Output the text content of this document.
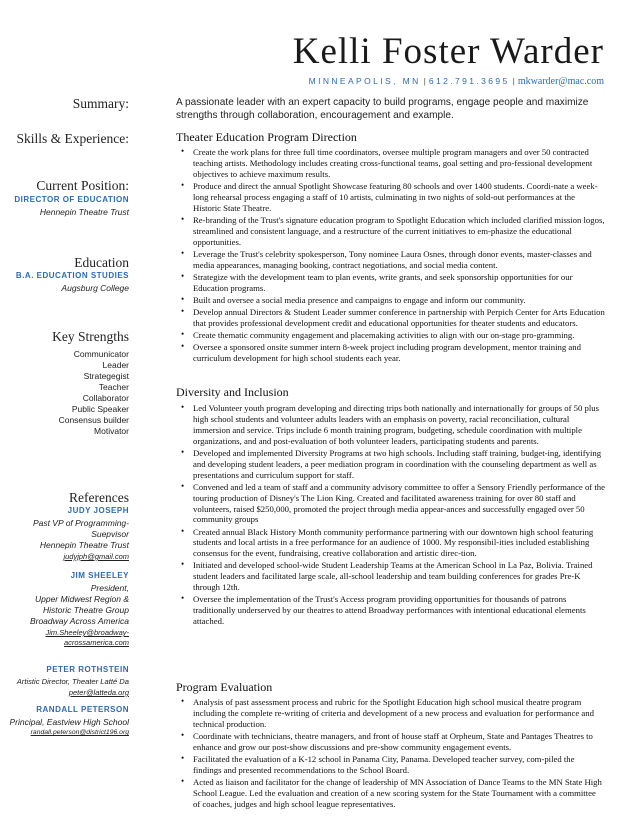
Kelli Foster Warder
MINNEAPOLIS, MN | 612.791.3695 | mkwarder@mac.com
Summary:
Skills & Experience:
Current Position:
DIRECTOR OF EDUCATION
Hennepin Theatre Trust
Education
B.A. EDUCATION STUDIES
Augsburg College
Key Strengths
Communicator
Leader
Strategegist
Teacher
Collaborator
Public Speaker
Consensus builder
Motivator
References
JUDY JOSEPH
Past VP of Programming-
Suepvisor
Hennepin Theatre Trust
judyjph@gmail.com
JIM SHEELEY
President,
Upper Midwest Region &
Historic Theatre Group
Broadway Across America
Jim.Sheeley@broadway-
acrossamerica.com
PETER ROTHSTEIN
Artistic Director, Theater Latté Da
peter@latteda.org
RANDALL PETERSON
Principal, Eastview High School
randall.peterson@district196.org
A passionate leader with an expert capacity to build programs, engage people and maximize strengths through collaboration, encouragement and example.
Theater Education Program Direction
• Create the work plans for three full time coordinators, oversee multiple program managers and over 50 contracted teaching artists. Methodology includes creating cross-functional teams, goal setting and pro-fessional development objectives to achieve maximum results.
• Produce and direct the annual Spotlight Showcase featuring 80 schools and over 1400 students. Coordi-nate a week-long rehearsal process engaging a staff of 10 artists, culminating in two nights of sold-out performances at the Historic State Theatre.
• Re-branding of the Trust's signature education program to Spotlight Education which included clarified mission logos, streamlined and consistent language, and a restructure of the current initiatives to em-phasize the educational opportunities.
• Leverage the Trust's celebrity spokesperson, Tony nominee Laura Osnes, through donor events, master-classes and media appearances, managing booking, contract negotiations, and social media content.
• Strategize with the development team to plan events, write grants, and seek sponsorship opportunities for our Education programs.
• Built and oversee a social media presence and campaigns to engage and inform our community.
• Develop annual Directors & Student Leader summer conference in partnership with Perpich Center for Arts Education that provides professional development credit and educational opportunities for theater students and educators.
• Create thematic community engagement and placemaking activities to align with our on-stage pro-gramming.
• Oversee a sponsored onsite summer intern 8-week project including program development, mentor training and curriculum development for high school students each year.
Diversity and Inclusion
• Led Volunteer youth program developing and directing trips both nationally and internationally for groups of 50 plus high school students and volunteer adults leaders with an emphasis on poverty, racial reconciliation, cultural immersion and service. Trips include 6 month training program, budgeting, schedule coordination with multiple organizations, and and post-evaluation of both volunteer leaders, participating students and parents.
• Developed and implemented Diversity Programs at two high schools. Including staff training, budget-ing, identifying and developing student leaders, a peer mediation program in coordination with the counseling department as well as presentations and curriculum support for staff.
• Convened and led a team of staff and a community advisory committee to offer a Sensory Friendly performance of the touring production of Disney's The Lion King. Created and facilitated awareness training for over 80 staff and volunteers, raised $250,000, promoted the project through media appear-ances and successfully engaged over 50 community groups
• Created annual Black History Month community performance partnering with our downtown high school featuring students and local artists in a free performance for an audience of 1000. My responsibil-ities included establishing consensus for the event, fundraising, creative collaboration and artistic direc-tion.
• Initiated and developed school-wide Student Leadership Teams at the American School in La Paz, Bolivia. Trained student leaders and facilitated large scale, all-school leadership and team building conferences for grades Pre-K through 12th.
• Oversee the implementation of the Trust's Access program providing opportunities for thousands of patrons traditionally underserved by our theatres to attend Broadway performances with intentional educational elements attached.
Program Evaluation
• Analysis of past assessment process and rubric for the Spotlight Education high school musical theatre program including the complete re-writing of criteria and development of a new process and evaluation for performance and technical production.
• Coordinate with technicians, theatre managers, and front of house staff at Orpheum, State and Pantages Theatres to enhance and grow our post-show discussions and pre-show community engagement events.
• Facilitated the evaluation of a K-12 school in Panama City, Panama. Developed teacher survey, com-piled the findings and presented recommendations to the School Board.
• Acted as liaison and facilitator for the change of leadership of MN Association of Dance Teams to the MN State High School League. Led the evaluation and creation of a new scoring system for the State Tournament with a committee of coaches, judges and high school league representatives.
